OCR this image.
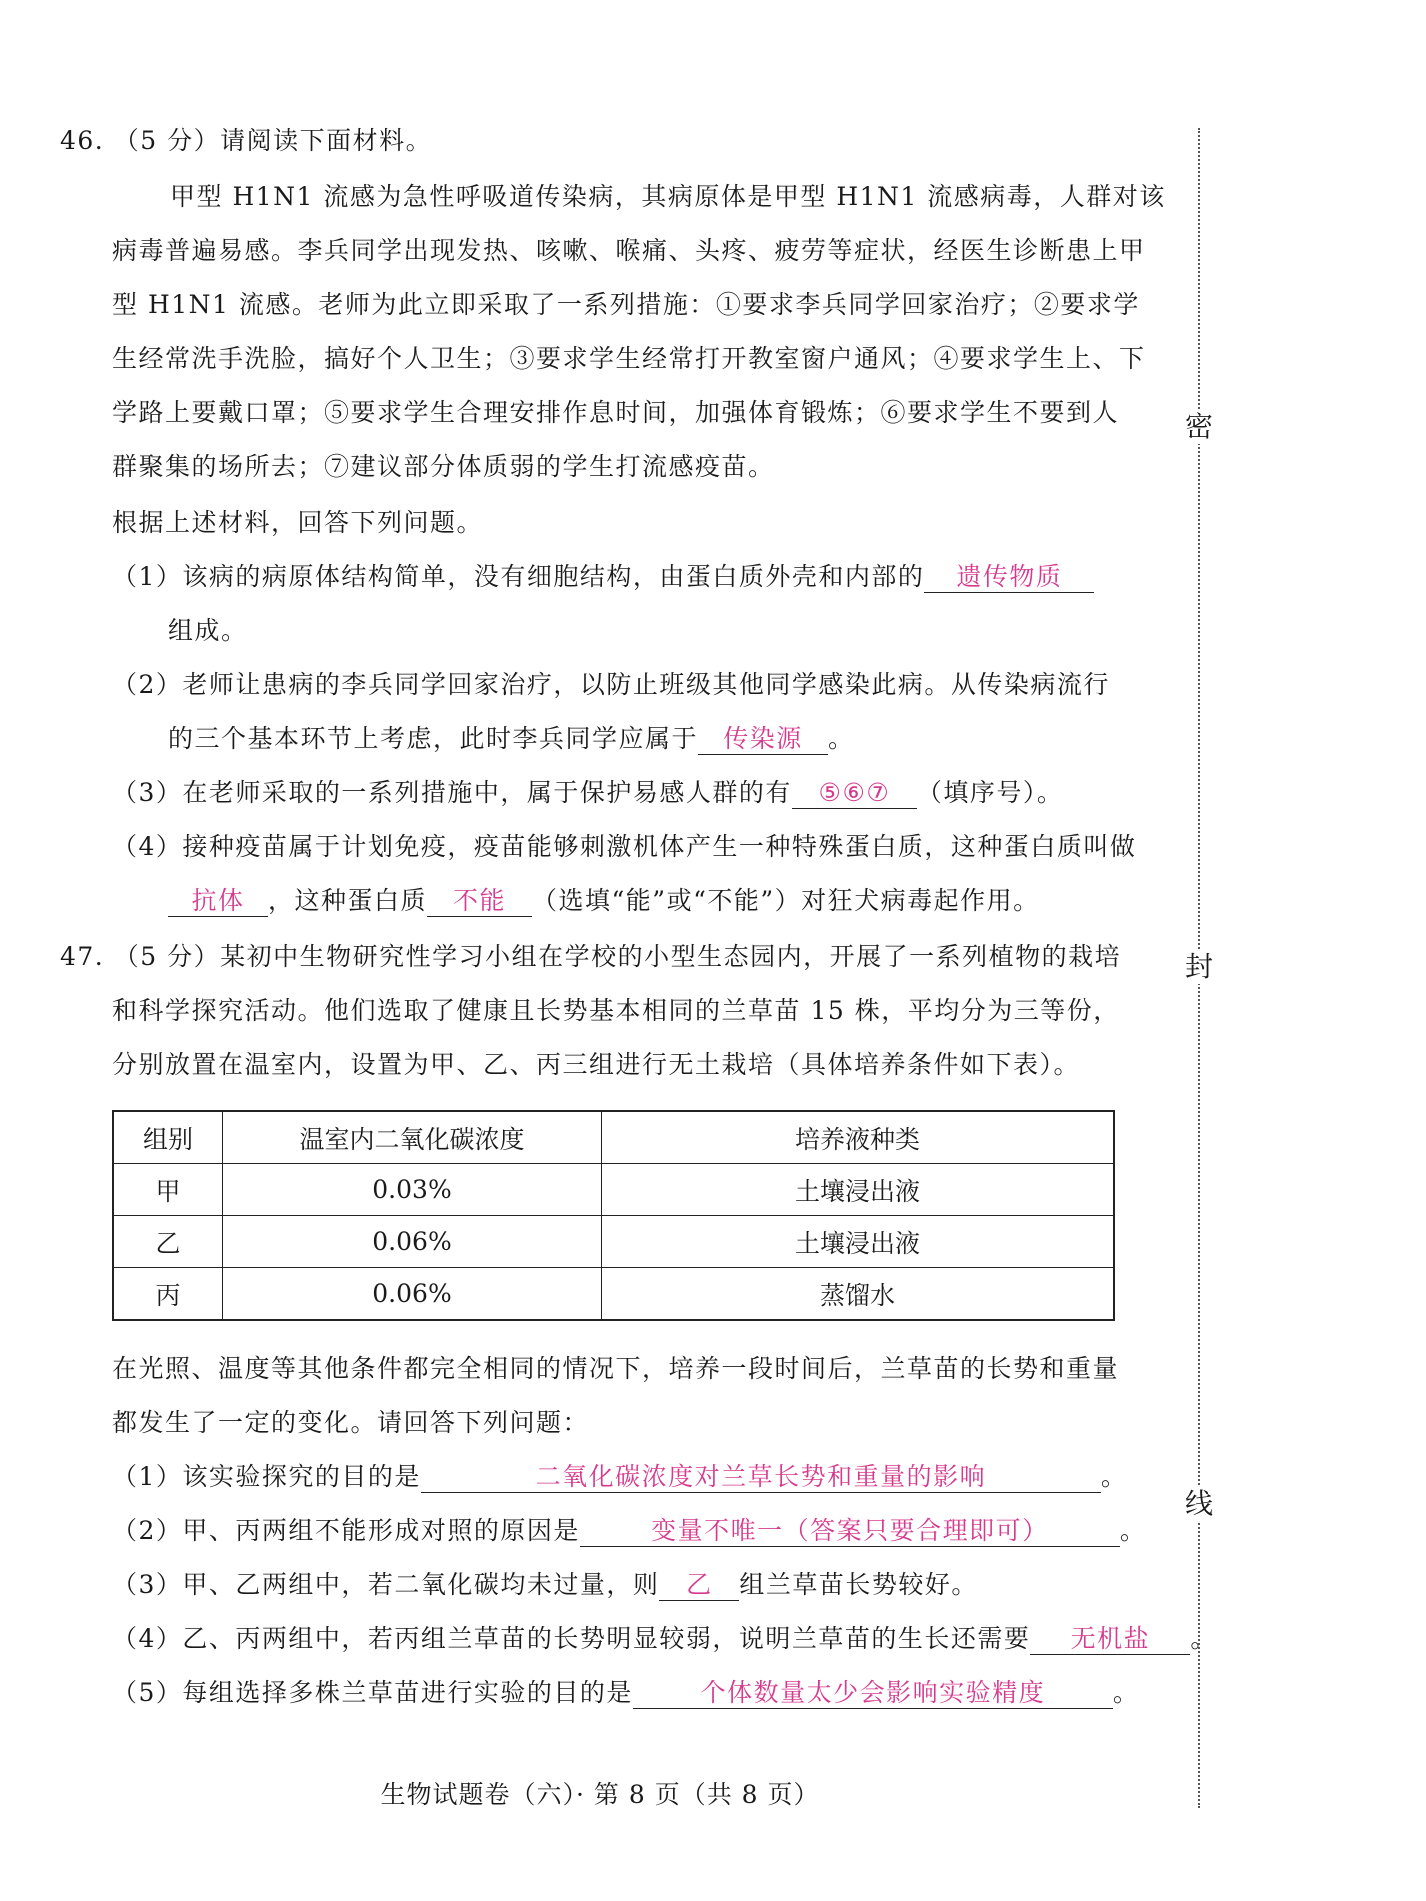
密
封
线
46. （5 分）请阅读下面材料。
甲型 H1N1 流感为急性呼吸道传染病，其病原体是甲型 H1N1 流感病毒，人群对该
病毒普遍易感。李兵同学出现发热、咳嗽、喉痛、头疼、疲劳等症状，经医生诊断患上甲
型 H1N1 流感。老师为此立即采取了一系列措施：①要求李兵同学回家治疗；②要求学
生经常洗手洗脸，搞好个人卫生；③要求学生经常打开教室窗户通风；④要求学生上、下
学路上要戴口罩；⑤要求学生合理安排作息时间，加强体育锻炼；⑥要求学生不要到人
群聚集的场所去；⑦建议部分体质弱的学生打流感疫苗。
根据上述材料，回答下列问题。
（1）该病的病原体结构简单，没有细胞结构，由蛋白质外壳和内部的 遗传物质
组成。
（2）老师让患病的李兵同学回家治疗，以防止班级其他同学感染此病。从传染病流行
的三个基本环节上考虑，此时李兵同学应属于 传染源 。
（3）在老师采取的一系列措施中，属于保护易感人群的有 ⑤⑥⑦ （填序号）。
（4）接种疫苗属于计划免疫，疫苗能够刺激机体产生一种特殊蛋白质，这种蛋白质叫做
抗体 ，这种蛋白质 不能 （选填“能”或“不能”）对狂犬病毒起作用。
47. （5 分）某初中生物研究性学习小组在学校的小型生态园内，开展了一系列植物的栽培
和科学探究活动。他们选取了健康且长势基本相同的兰草苗 15 株，平均分为三等份，
分别放置在温室内，设置为甲、乙、丙三组进行无土栽培（具体培养条件如下表）。
组别	温室内二氧化碳浓度	培养液种类
甲	0.03%	土壤浸出液
乙	0.06%	土壤浸出液
丙	0.06%	蒸馏水
在光照、温度等其他条件都完全相同的情况下，培养一段时间后，兰草苗的长势和重量
都发生了一定的变化。请回答下列问题：
（1）该实验探究的目的是	二氧化碳浓度对兰草长势和重量的影响	。
（2）甲、丙两组不能形成对照的原因是	变量不唯一（答案只要合理即可）	。
（3）甲、乙两组中，若二氧化碳均未过量，则 乙 组兰草苗长势较好。
（4）乙、丙两组中，若丙组兰草苗的长势明显较弱，说明兰草苗的生长还需要 无机盐 。
（5）每组选择多株兰草苗进行实验的目的是	个体数量太少会影响实验精度	。
生物试题卷（六）· 第 8 页（共 8 页）
